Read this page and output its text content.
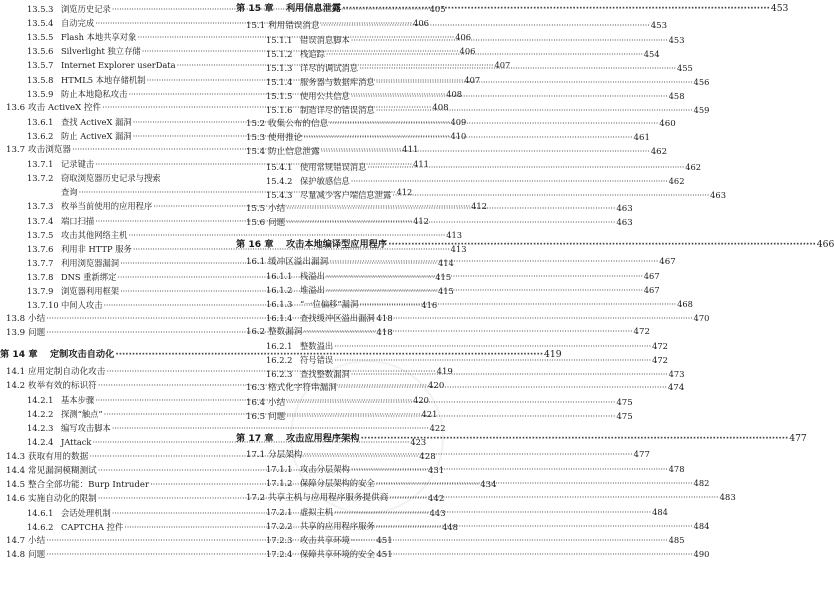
13.5.3 浏览历史记录 ·····	405
13.5.4 自动完成 ·····	406
13.5.5 Flash 本地共享对象 ·····	406
13.5.6 Silverlight 独立存储 ·····	406
13.5.7 Internet Explorer userData ·····	407
13.5.8 HTML5 本地存储机制 ·····	407
13.5.9 防止本地隐私攻击 ·····	408
13.6 攻击 ActiveX 控件 ·····	408
13.6.1 查找 ActiveX 漏洞 ·····	409
13.6.2 防止 ActiveX 漏洞 ·····	410
13.7 攻击浏览器 ·····	411
13.7.1 记录键击 ·····	411
13.7.2 窃取浏览器历史记录与搜索
查询 ·····	412
13.7.3 枚举当前使用的应用程序 ·····	412
13.7.4 端口扫描 ·····	412
13.7.5 攻击其他网络主机 ·····	413
13.7.6 利用非 HTTP 服务 ·····	413
13.7.7 利用浏览器漏洞 ·····	414
13.7.8 DNS 重新绑定 ·····	415
13.7.9 浏览器利用框架 ·····	415
13.7.10 中间人攻击 ·····	416
13.8 小结 ·····	418
13.9 问题 ·····	418
第 14 章	定制攻击自动化 ·····	419
14.1 应用定制自动化攻击 ·····	419
14.2 枚举有效的标识符 ·····	420
14.2.1 基本步骤 ·····	420
14.2.2 探测“触点” ·····	421
14.2.3 编写攻击脚本 ·····	422
14.2.4 JAttack ·····	423
14.3 获取有用的数据 ·····	428
14.4 常见漏洞模糊测试 ·····	431
14.5 整合全部功能：Burp Intruder ·····	434
14.6 实施自动化的限制 ·····	442
14.6.1 会话处理机制 ·····	443
14.6.2 CAPTCHA 控件 ·····	448
14.7 小结 ·····	451
14.8 问题 ·····	451
第 15 章	利用信息泄露 ·····	453
15.1 利用错误消息 ·····	453
15.1.1 错误消息脚本 ·····	453
15.1.2 栈追踪 ·····	454
15.1.3 详尽的调试消息 ·····	455
15.1.4 服务器与数据库消息 ·····	456
15.1.5 使用公共信息 ·····	458
15.1.6 制造详尽的错误消息 ·····	459
15.2 收集公布的信息 ·····	460
15.3 使用推论 ·····	461
15.4 防止信息泄露 ·····	462
15.4.1 使用常规错误消息 ·····	462
15.4.2 保护敏感信息 ·····	462
15.4.3 尽量减少客户端信息泄露 ·····	463
15.5 小结 ·····	463
15.6 问题 ·····	463
第 16 章	攻击本地编译型应用程序 ·····	466
16.1 缓冲区溢出漏洞 ·····	467
16.1.1 栈溢出 ·····	467
16.1.2 堆溢出 ·····	467
16.1.3 “一位偏移”漏洞 ·····	468
16.1.4 查找缓冲区溢出漏洞 ·····	470
16.2 整数漏洞 ·····	472
16.2.1 整数溢出 ·····	472
16.2.2 符号错误 ·····	472
16.2.3 查找整数漏洞 ·····	473
16.3 格式化字符串漏洞 ·····	474
16.4 小结 ·····	475
16.5 问题 ·····	475
第 17 章	攻击应用程序架构 ·····	477
17.1 分层架构 ·····	477
17.1.1 攻击分层架构 ·····	478
17.1.2 保障分层架构的安全 ·····	482
17.2 共享主机与应用程序服务提供商 ·····	483
17.2.1 虚拟主机 ·····	484
17.2.2 共享的应用程序服务 ·····	484
17.2.3 攻击共享环境 ·····	485
17.2.4 保障共享环境的安全 ·····	490
